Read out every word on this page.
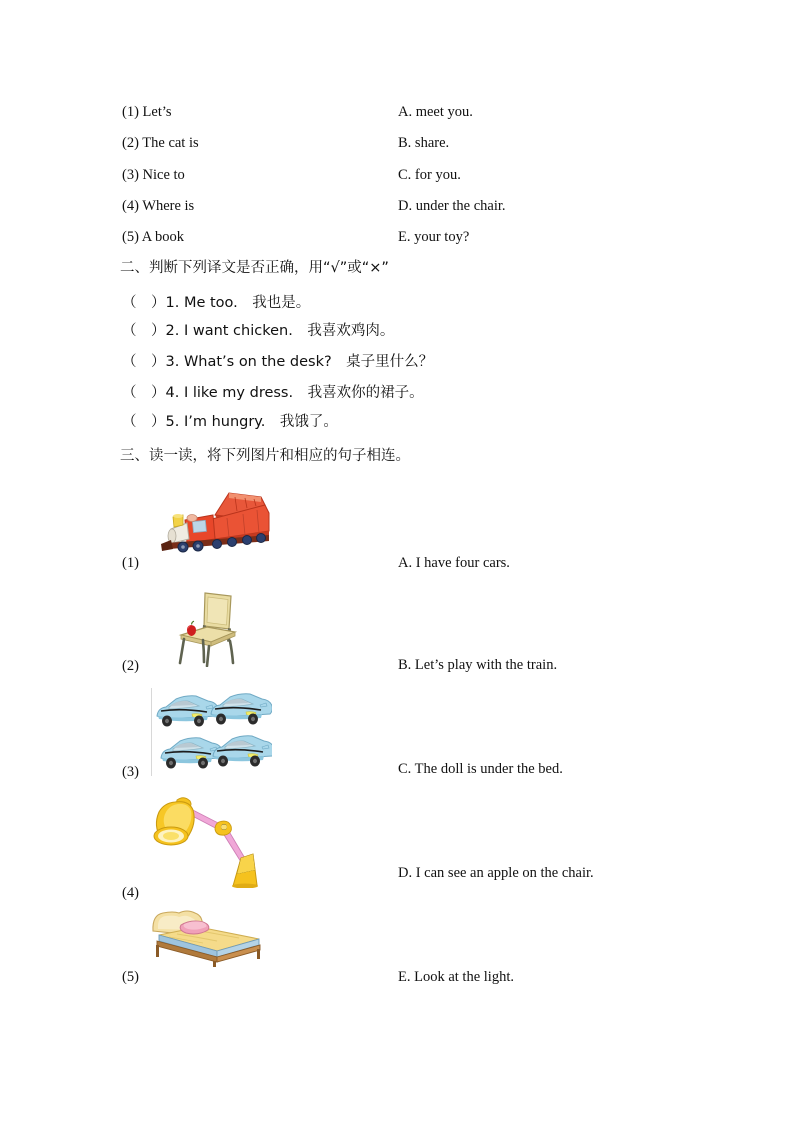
(1) Let’s
(2) The cat is
(3) Nice to
(4) Where is
(5) A book
A. meet you.
B. share.
C. for you.
D. under the chair.
E. your toy?
二、判断下列译文是否正确，用“√”或“×”
（　）1. Me too.　我也是。
（　）2. I want chicken.　我喜欢鸡肉。
（　）3. What’s on the desk?　桌子里什么？
（　）4. I like my dress.　我喜欢你的裙子。
（　）5. I’m hungry.　我饿了。
三、读一读，将下列图片和相应的句子相连。
(1)
(2)
(3)
(4)
(5)
A. I have four cars.
B. Let’s play with the train.
C. The doll is under the bed.
D. I can see an apple on the chair.
E. Look at the light.
